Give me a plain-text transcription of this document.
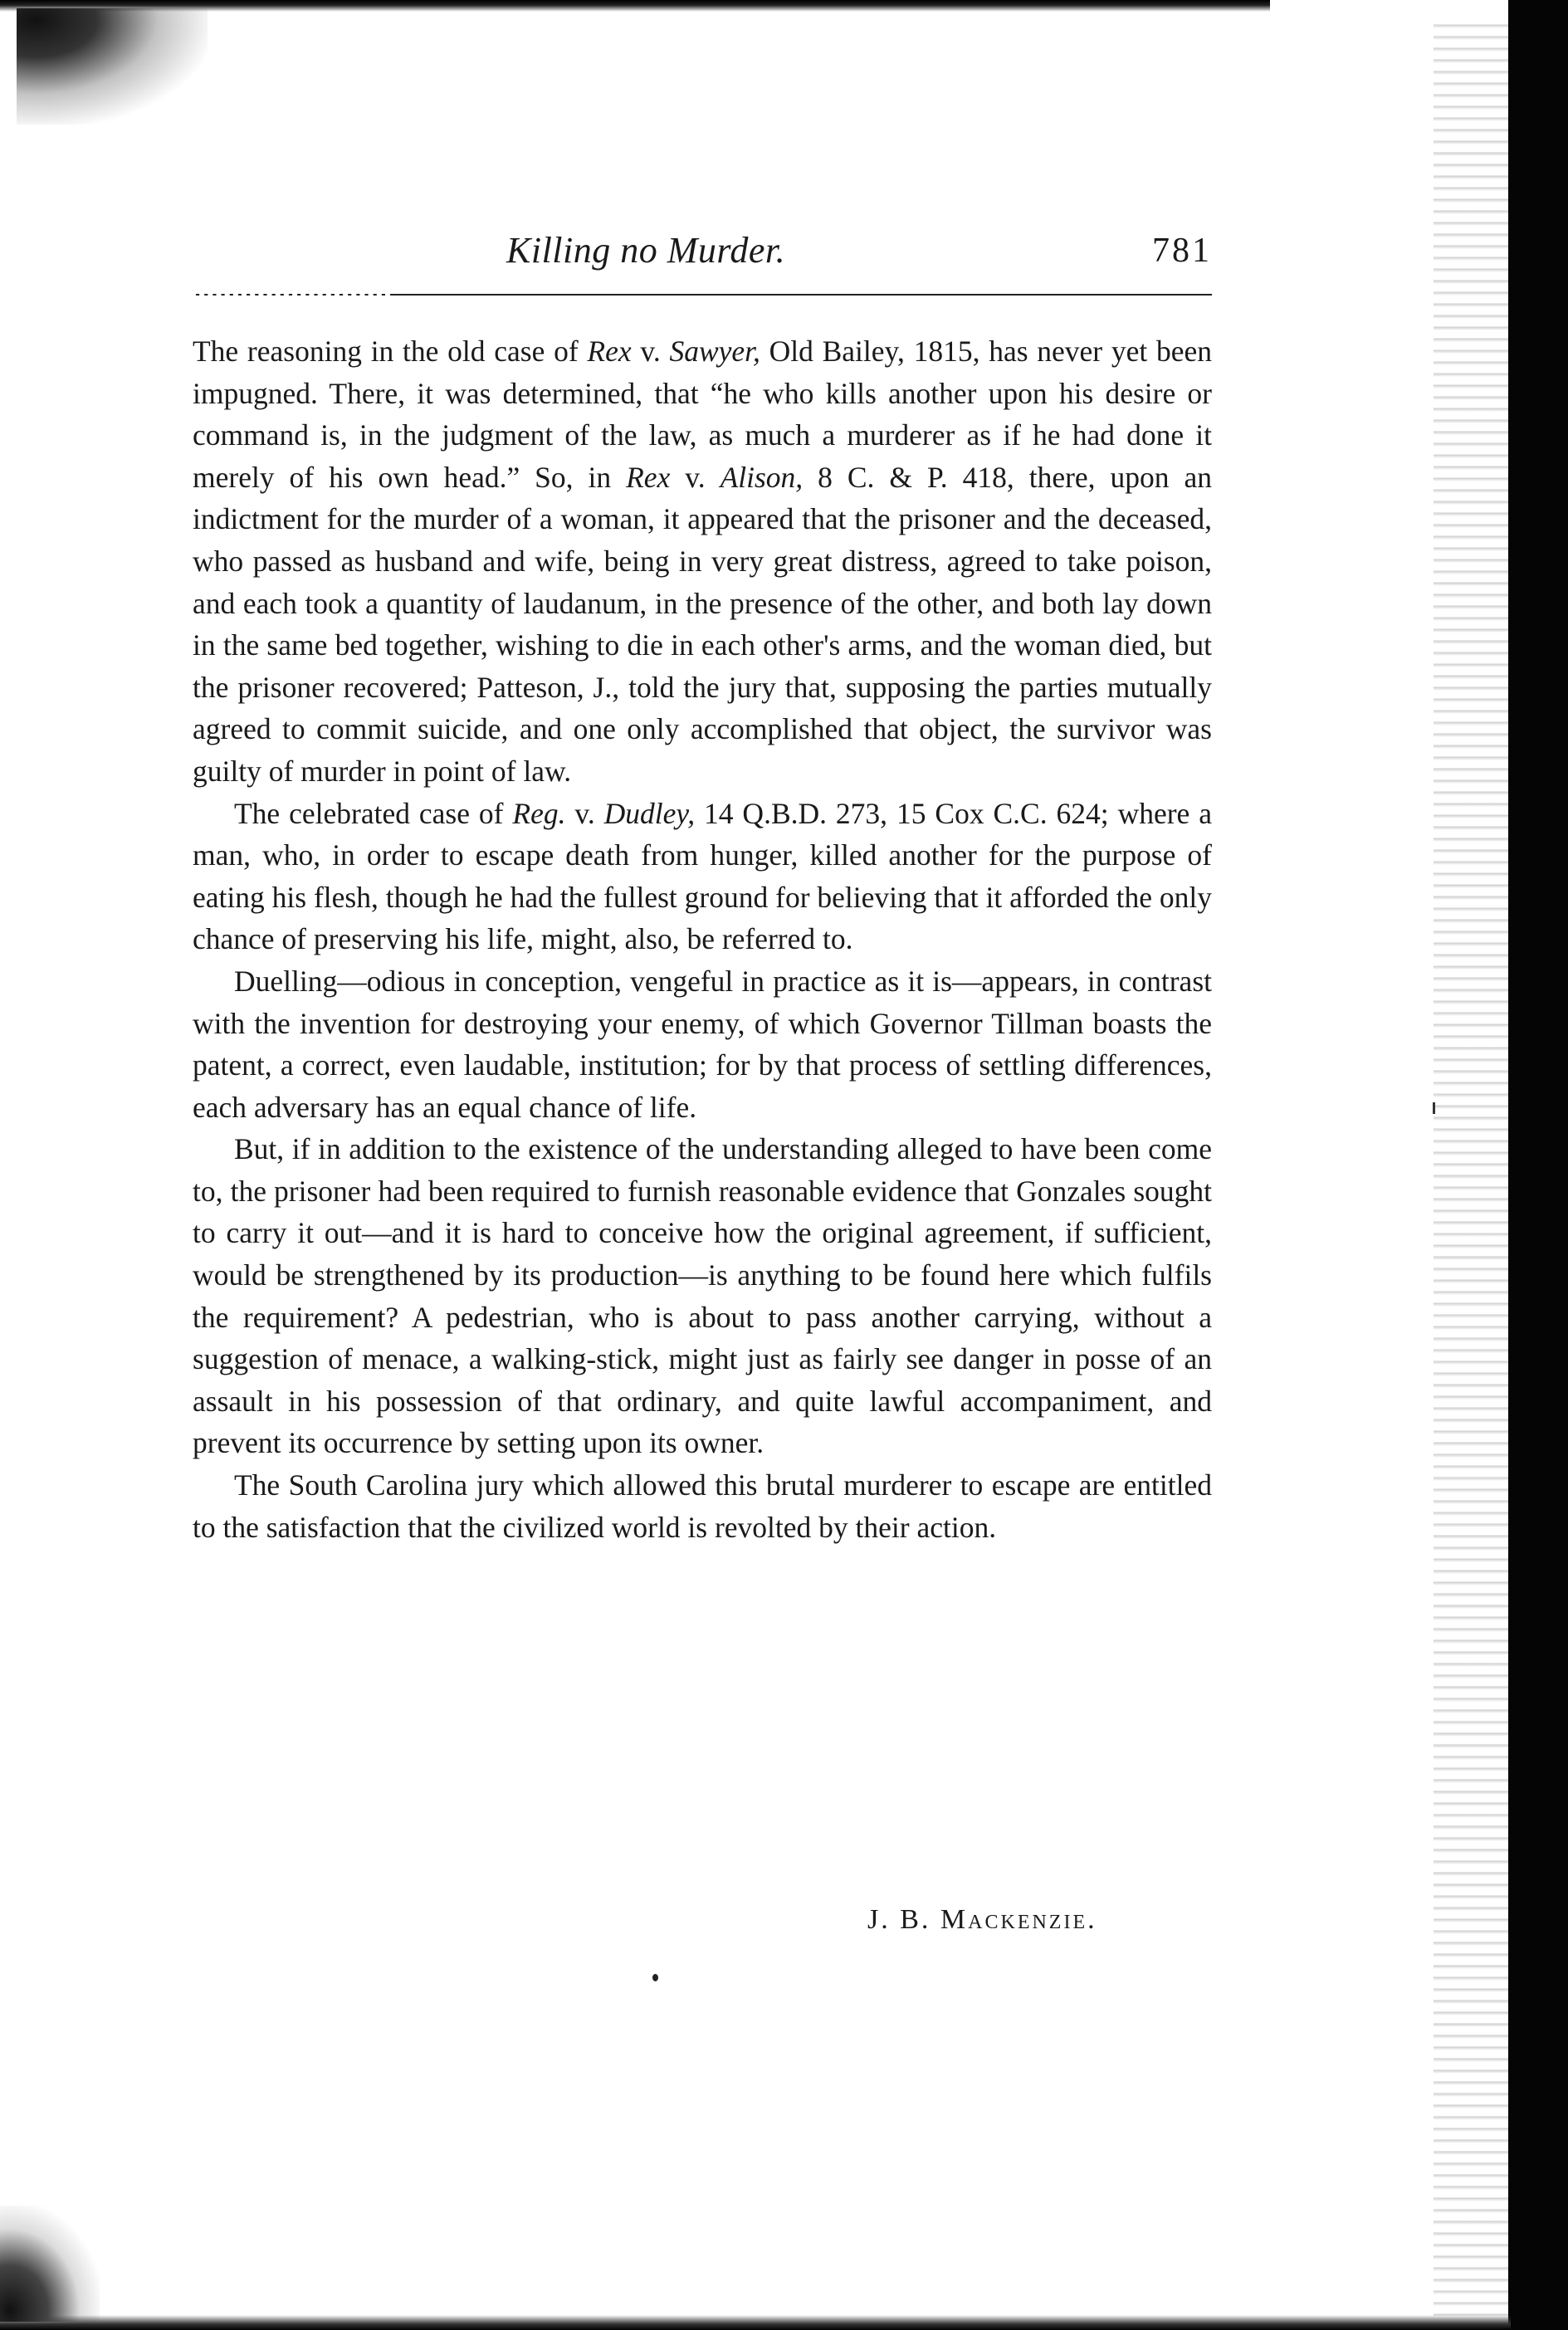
Killing no Murder.	781

The reasoning in the old case of Rex v. Sawyer, Old Bailey, 1815, has never yet been impugned. There, it was determined, that “he who kills another upon his desire or command is, in the judgment of the law, as much a murderer as if he had done it merely of his own head.” So, in Rex v. Alison, 8 C. & P. 418, there, upon an indictment for the murder of a woman, it appeared that the prisoner and the deceased, who passed as husband and wife, being in very great distress, agreed to take poison, and each took a quantity of laudanum, in the presence of the other, and both lay down in the same bed together, wishing to die in each other's arms, and the woman died, but the prisoner recovered; Patteson, J., told the jury that, supposing the parties mutually agreed to commit suicide, and one only accomplished that object, the survivor was guilty of murder in point of law.

The celebrated case of Reg. v. Dudley, 14 Q.B.D. 273, 15 Cox C.C. 624; where a man, who, in order to escape death from hunger, killed another for the purpose of eating his flesh, though he had the fullest ground for believing that it afforded the only chance of preserving his life, might, also, be referred to.

Duelling—odious in conception, vengeful in practice as it is—appears, in contrast with the invention for destroying your enemy, of which Governor Tillman boasts the patent, a correct, even laudable, institution; for by that process of settling differences, each adversary has an equal chance of life.

But, if in addition to the existence of the understanding alleged to have been come to, the prisoner had been required to furnish reasonable evidence that Gonzales sought to carry it out—and it is hard to conceive how the original agreement, if sufficient, would be strengthened by its production—is anything to be found here which fulfils the requirement? A pedestrian, who is about to pass another carrying, without a suggestion of menace, a walking-stick, might just as fairly see danger in posse of an assault in his possession of that ordinary, and quite lawful accompaniment, and prevent its occurrence by setting upon its owner.

The South Carolina jury which allowed this brutal murderer to escape are entitled to the satisfaction that the civilized world is revolted by their action.

J. B. Mackenzie.
